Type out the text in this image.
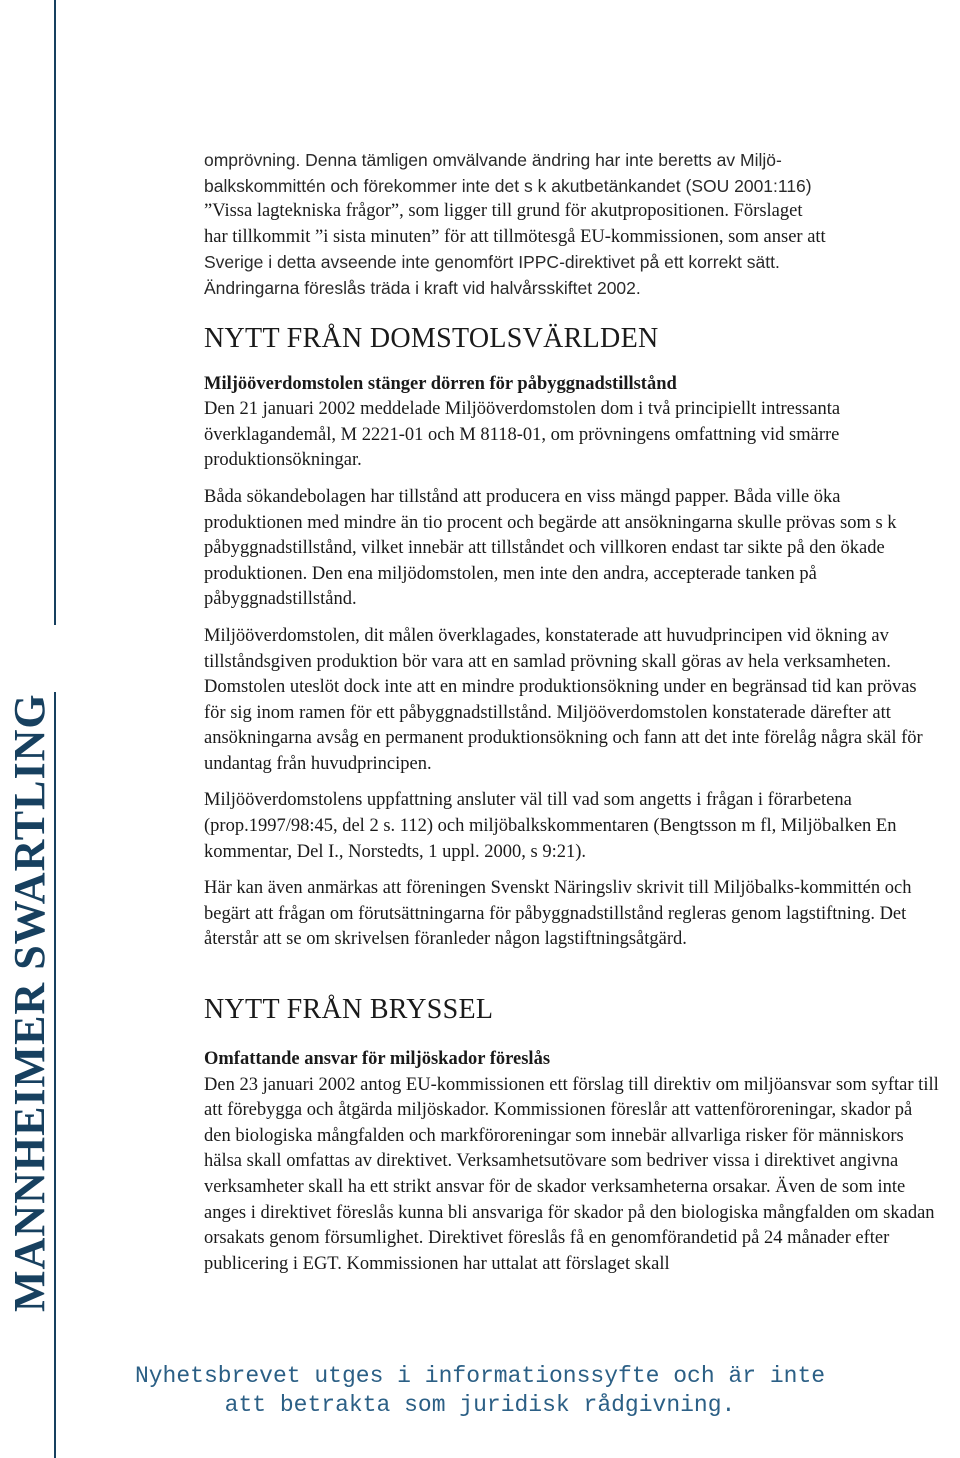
MANNHEIMER SWARTLING

omprövning. Denna tämligen omvälvande ändring har inte beretts av Miljö-

balkskommittén och förekommer inte det s k akutbetänkandet (SOU 2001:116)

”Vissa lagtekniska frågor”, som ligger till grund för akutpropositionen. Förslaget

har tillkommit ”i sista minuten” för att tillmötesgå EU-kommissionen, som anser att

Sverige i detta avseende inte genomfört IPPC-direktivet på ett korrekt sätt.

Ändringarna föreslås träda i kraft vid halvårsskiftet 2002.

NYTT FRÅN DOMSTOLSVÄRLDEN
Miljööverdomstolen stänger dörren för påbyggnadstillstånd

Den 21 januari 2002 meddelade Miljööverdomstolen dom i två principiellt intressanta överklagandemål, M 2221-01 och M 8118-01, om prövningens omfattning vid smärre produktionsökningar.

Båda sökandebolagen har tillstånd att producera en viss mängd papper. Båda ville öka produktionen med mindre än tio procent och begärde att ansökningarna skulle prövas som s k påbyggnadstillstånd, vilket innebär att tillståndet och villkoren endast tar sikte på den ökade produktionen. Den ena miljödomstolen, men inte den andra, accepterade tanken på påbyggnadstillstånd.

Miljööverdomstolen, dit målen överklagades, konstaterade att huvudprincipen vid ökning av tillståndsgiven produktion bör vara att en samlad prövning skall göras av hela verksamheten. Domstolen uteslöt dock inte att en mindre produktionsökning under en begränsad tid kan prövas för sig inom ramen för ett påbyggnadstillstånd. Miljööverdomstolen konstaterade därefter att ansökningarna avsåg en permanent produktionsökning och fann att det inte förelåg några skäl för undantag från huvudprincipen.

Miljööverdomstolens uppfattning ansluter väl till vad som angetts i frågan i förarbetena (prop.1997/98:45, del 2 s. 112) och miljöbalkskommentaren (Bengtsson m fl, Miljöbalken En kommentar, Del I., Norstedts, 1 uppl. 2000, s 9:21).

Här kan även anmärkas att föreningen Svenskt Näringsliv skrivit till Miljöbalks-kommittén och begärt att frågan om förutsättningarna för påbyggnadstillstånd regleras genom lagstiftning. Det återstår att se om skrivelsen föranleder någon lagstiftningsåtgärd.

NYTT FRÅN BRYSSEL
Omfattande ansvar för miljöskador föreslås

Den 23 januari 2002 antog EU-kommissionen ett förslag till direktiv om miljöansvar som syftar till att förebygga och åtgärda miljöskador. Kommissionen föreslår att vattenföroreningar, skador på den biologiska mångfalden och markföroreningar som innebär allvarliga risker för människors hälsa skall omfattas av direktivet. Verksamhetsutövare som bedriver vissa i direktivet angivna verksamheter skall ha ett strikt ansvar för de skador verksamheterna orsakar. Även de som inte anges i direktivet föreslås kunna bli ansvariga för skador på den biologiska mångfalden om skadan orsakats genom försumlighet. Direktivet föreslås få en genomförandetid på 24 månader efter publicering i EGT. Kommissionen har uttalat att förslaget skall

Nyhetsbrevet utges i informationssyfte och är inte
att betrakta som juridisk rådgivning.
